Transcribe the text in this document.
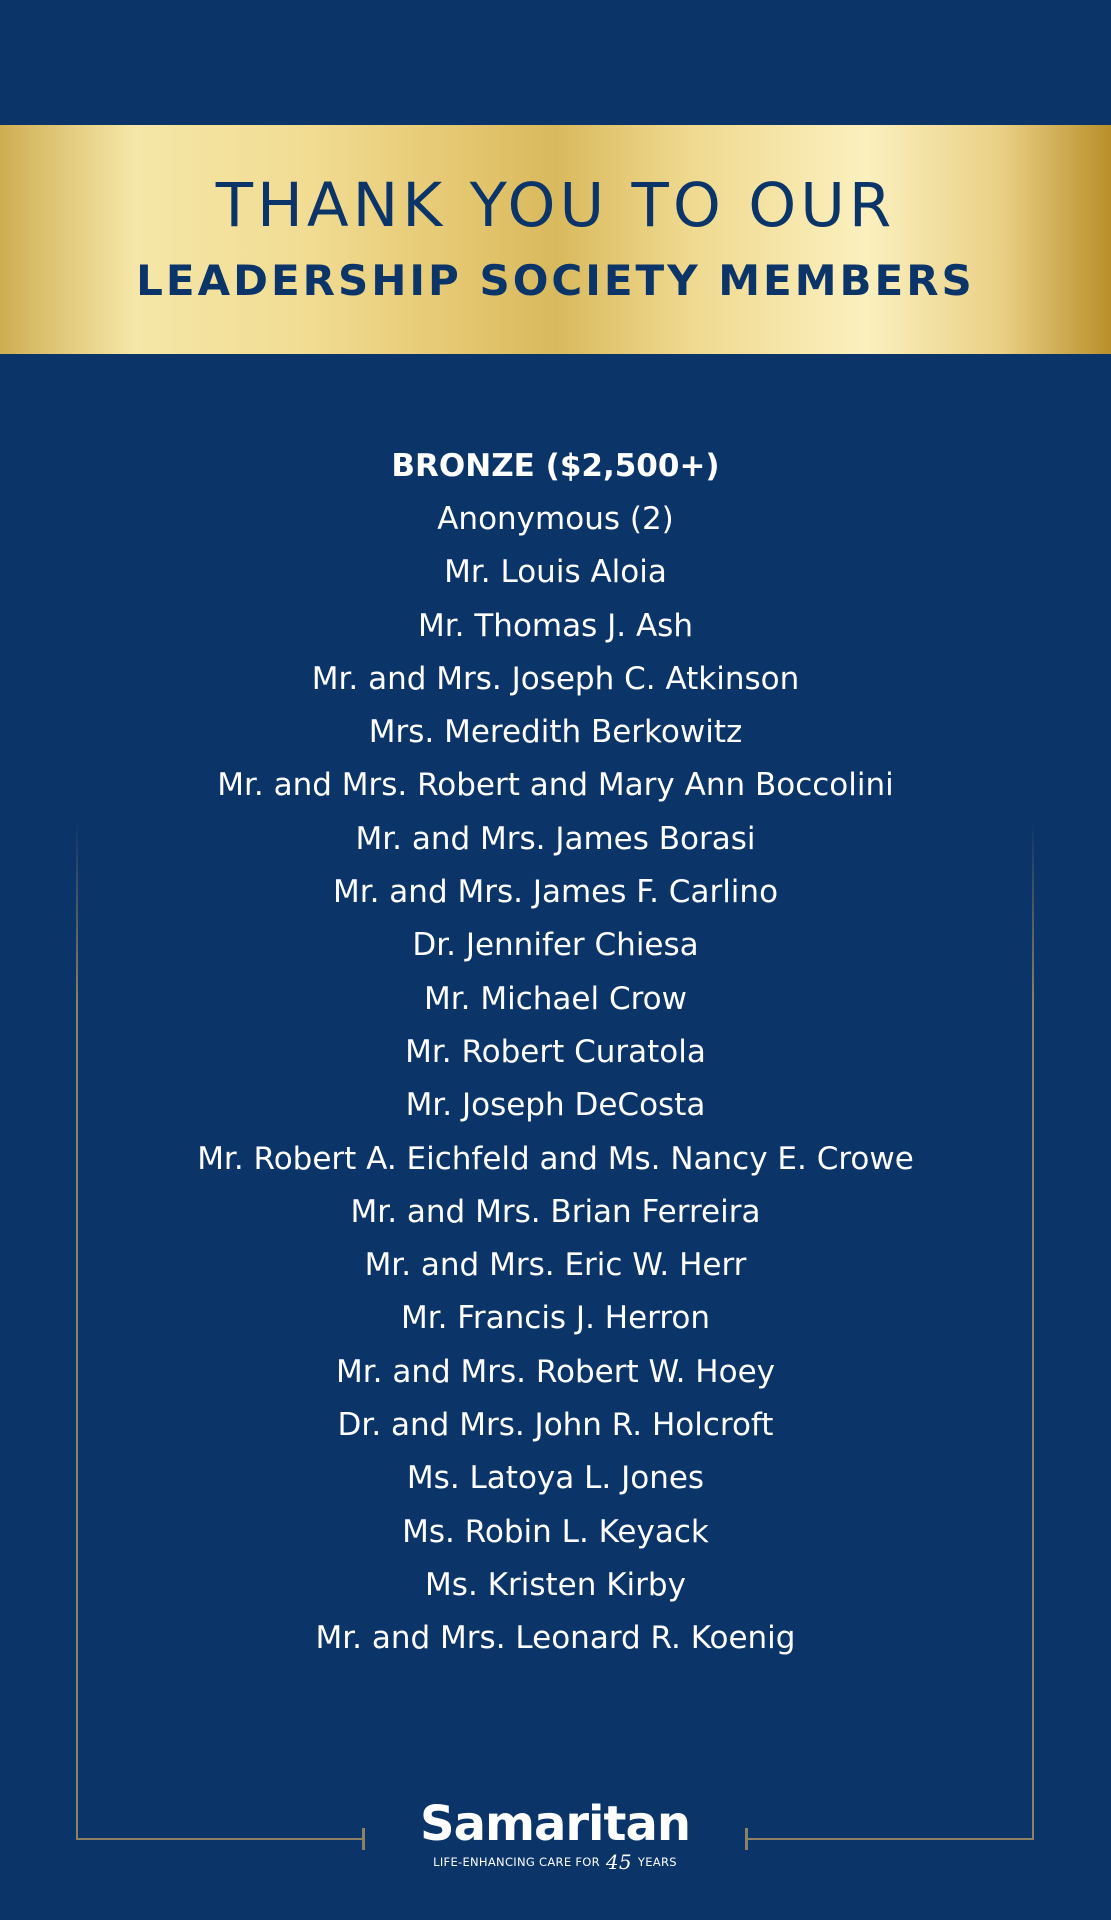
THANK YOU TO OUR
LEADERSHIP SOCIETY MEMBERS
BRONZE ($2,500+)
Anonymous (2)
Mr. Louis Aloia
Mr. Thomas J. Ash
Mr. and Mrs. Joseph C. Atkinson
Mrs. Meredith Berkowitz
Mr. and Mrs. Robert and Mary Ann Boccolini
Mr. and Mrs. James Borasi
Mr. and Mrs. James F. Carlino
Dr. Jennifer Chiesa
Mr. Michael Crow
Mr. Robert Curatola
Mr. Joseph DeCosta
Mr. Robert A. Eichfeld and Ms. Nancy E. Crowe
Mr. and Mrs. Brian Ferreira
Mr. and Mrs. Eric W. Herr
Mr. Francis J. Herron
Mr. and Mrs. Robert W. Hoey
Dr. and Mrs. John R. Holcroft
Ms. Latoya L. Jones
Ms. Robin L. Keyack
Ms. Kristen Kirby
Mr. and Mrs. Leonard R. Koenig
Samaritan
LIFE-ENHANCING CARE FOR 45 YEARS
